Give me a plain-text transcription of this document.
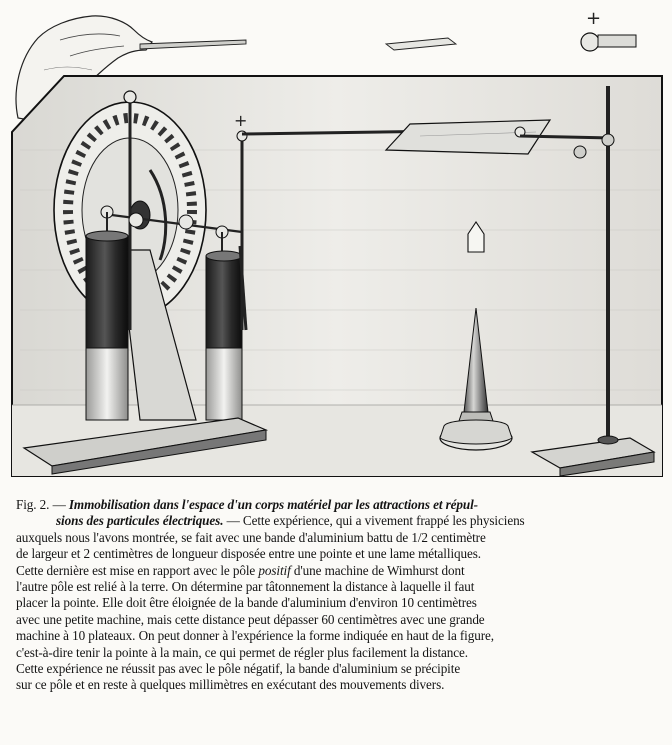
+
+
Fig. 2. — Immobilisation dans l'espace d'un corps matériel par les attractions et répul-
sions des particules électriques. — Cette expérience, qui a vivement frappé les physiciens
auxquels nous l'avons montrée, se fait avec une bande d'aluminium battu de 1/2 centimètre
de largeur et 2 centimètres de longueur disposée entre une pointe et une lame métalliques.
Cette dernière est mise en rapport avec le pôle positif d'une machine de Wimhurst dont
l'autre pôle est relié à la terre. On détermine par tâtonnement la distance à laquelle il faut
placer la pointe. Elle doit être éloignée de la bande d'aluminium d'environ 10 centimètres
avec une petite machine, mais cette distance peut dépasser 60 centimètres avec une grande
machine à 10 plateaux. On peut donner à l'expérience la forme indiquée en haut de la figure,
c'est-à-dire tenir la pointe à la main, ce qui permet de régler plus facilement la distance.
Cette expérience ne réussit pas avec le pôle négatif, la bande d'aluminium se précipite
sur ce pôle et en reste à quelques millimètres en exécutant des mouvements divers.
